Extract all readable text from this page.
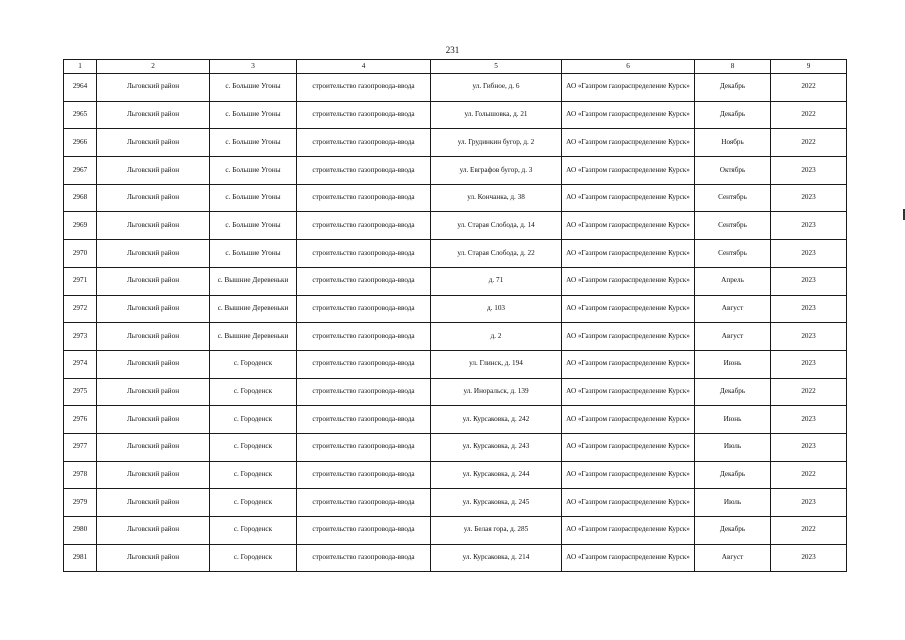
231
1	2	3	4	5	6	8	9
2964	Льговский район	с. Большие Угоны	строительство газопровода-ввода	ул. Гибное, д. 6	АО «Газпром газораспределение Курск»	Декабрь	2022
2965	Льговский район	с. Большие Угоны	строительство газопровода-ввода	ул. Голышовка, д. 21	АО «Газпром газораспределение Курск»	Декабрь	2022
2966	Льговский район	с. Большие Угоны	строительство газопровода-ввода	ул. Грудинкин бугор, д. 2	АО «Газпром газораспределение Курск»	Ноябрь	2022
2967	Льговский район	с. Большие Угоны	строительство газопровода-ввода	ул. Евграфов бугор, д. 3	АО «Газпром газораспределение Курск»	Октябрь	2023
2968	Льговский район	с. Большие Угоны	строительство газопровода-ввода	ул. Кончанка, д. 38	АО «Газпром газораспределение Курск»	Сентябрь	2023
2969	Льговский район	с. Большие Угоны	строительство газопровода-ввода	ул. Старая Слобода, д. 14	АО «Газпром газораспределение Курск»	Сентябрь	2023
2970	Льговский район	с. Большие Угоны	строительство газопровода-ввода	ул. Старая Слобода, д. 22	АО «Газпром газораспределение Курск»	Сентябрь	2023
2971	Льговский район	с. Вышние Деревеньки	строительство газопровода-ввода	д. 71	АО «Газпром газораспределение Курск»	Апрель	2023
2972	Льговский район	с. Вышние Деревеньки	строительство газопровода-ввода	д. 103	АО «Газпром газораспределение Курск»	Август	2023
2973	Льговский район	с. Вышние Деревеньки	строительство газопровода-ввода	д. 2	АО «Газпром газораспределение Курск»	Август	2023
2974	Льговский район	с. Городенск	строительство газопровода-ввода	ул. Глинск, д. 194	АО «Газпром газораспределение Курск»	Июнь	2023
2975	Льговский район	с. Городенск	строительство газопровода-ввода	ул. Иноральск, д. 139	АО «Газпром газораспределение Курск»	Декабрь	2022
2976	Льговский район	с. Городенск	строительство газопровода-ввода	ул. Курсаковка, д. 242	АО «Газпром газораспределение Курск»	Июнь	2023
2977	Льговский район	с. Городенск	строительство газопровода-ввода	ул. Курсаковка, д. 243	АО «Газпром газораспределение Курск»	Июль	2023
2978	Льговский район	с. Городенск	строительство газопровода-ввода	ул. Курсаковка, д. 244	АО «Газпром газораспределение Курск»	Декабрь	2022
2979	Льговский район	с. Городенск	строительство газопровода-ввода	ул. Курсаковка, д. 245	АО «Газпром газораспределение Курск»	Июль	2023
2980	Льговский район	с. Городенск	строительство газопровода-ввода	ул. Белая гора, д. 285	АО «Газпром газораспределение Курск»	Декабрь	2022
2981	Льговский район	с. Городенск	строительство газопровода-ввода	ул. Курсаковка, д. 214	АО «Газпром газораспределение Курск»	Август	2023
